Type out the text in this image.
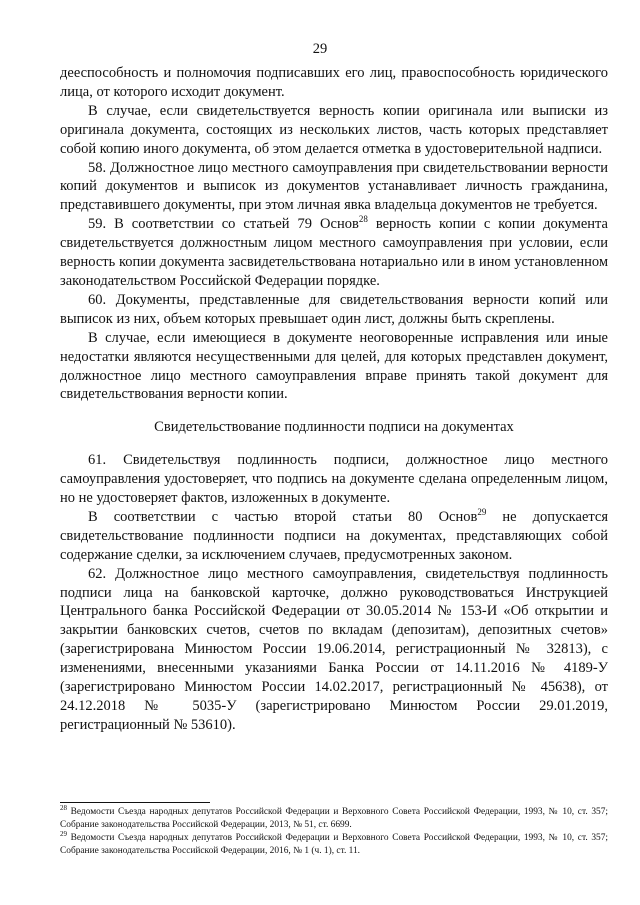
29

дееспособность и полномочия подписавших его лиц, правоспособность юридического лица, от которого исходит документ.

В случае, если свидетельствуется верность копии оригинала или выписки из оригинала документа, состоящих из нескольких листов, часть которых представляет собой копию иного документа, об этом делается отметка в удостоверительной надписи.

58. Должностное лицо местного самоуправления при свидетельствовании верности копий документов и выписок из документов устанавливает личность гражданина, представившего документы, при этом личная явка владельца документов не требуется.

59. В соответствии со статьей 79 Основ$^{28}$ верность копии с копии документа свидетельствуется должностным лицом местного самоуправления при условии, если верность копии документа засвидетельствована нотариально или в ином установленном законодательством Российской Федерации порядке.

60. Документы, представленные для свидетельствования верности копий или выписок из них, объем которых превышает один лист, должны быть скреплены.

В случае, если имеющиеся в документе неоговоренные исправления или иные недостатки являются несущественными для целей, для которых представлен документ, должностное лицо местного самоуправления вправе принять такой документ для свидетельствования верности копии.

Свидетельствование подлинности подписи на документах

61. Свидетельствуя подлинность подписи, должностное лицо местного самоуправления удостоверяет, что подпись на документе сделана определенным лицом, но не удостоверяет фактов, изложенных в документе.

В соответствии с частью второй статьи 80 Основ$^{29}$ не допускается свидетельствование подлинности подписи на документах, представляющих собой содержание сделки, за исключением случаев, предусмотренных законом.

62. Должностное лицо местного самоуправления, свидетельствуя подлинность подписи лица на банковской карточке, должно руководствоваться Инструкцией Центрального банка Российской Федерации от 30.05.2014 № 153-И «Об открытии и закрытии банковских счетов, счетов по вкладам (депозитам), депозитных счетов» (зарегистрирована Минюстом России 19.06.2014, регистрационный № 32813), с изменениями, внесенными указаниями Банка России от 14.11.2016 № 4189-У (зарегистрировано Минюстом России 14.02.2017, регистрационный № 45638), от 24.12.2018 № 5035-У (зарегистрировано Минюстом России 29.01.2019, регистрационный № 53610).

$^{28}$ Ведомости Съезда народных депутатов Российской Федерации и Верховного Совета Российской Федерации, 1993, № 10, ст. 357; Собрание законодательства Российской Федерации, 2013, № 51, ст. 6699.

$^{29}$ Ведомости Съезда народных депутатов Российской Федерации и Верховного Совета Российской Федерации, 1993, № 10, ст. 357; Собрание законодательства Российской Федерации, 2016, № 1 (ч. 1), ст. 11.
